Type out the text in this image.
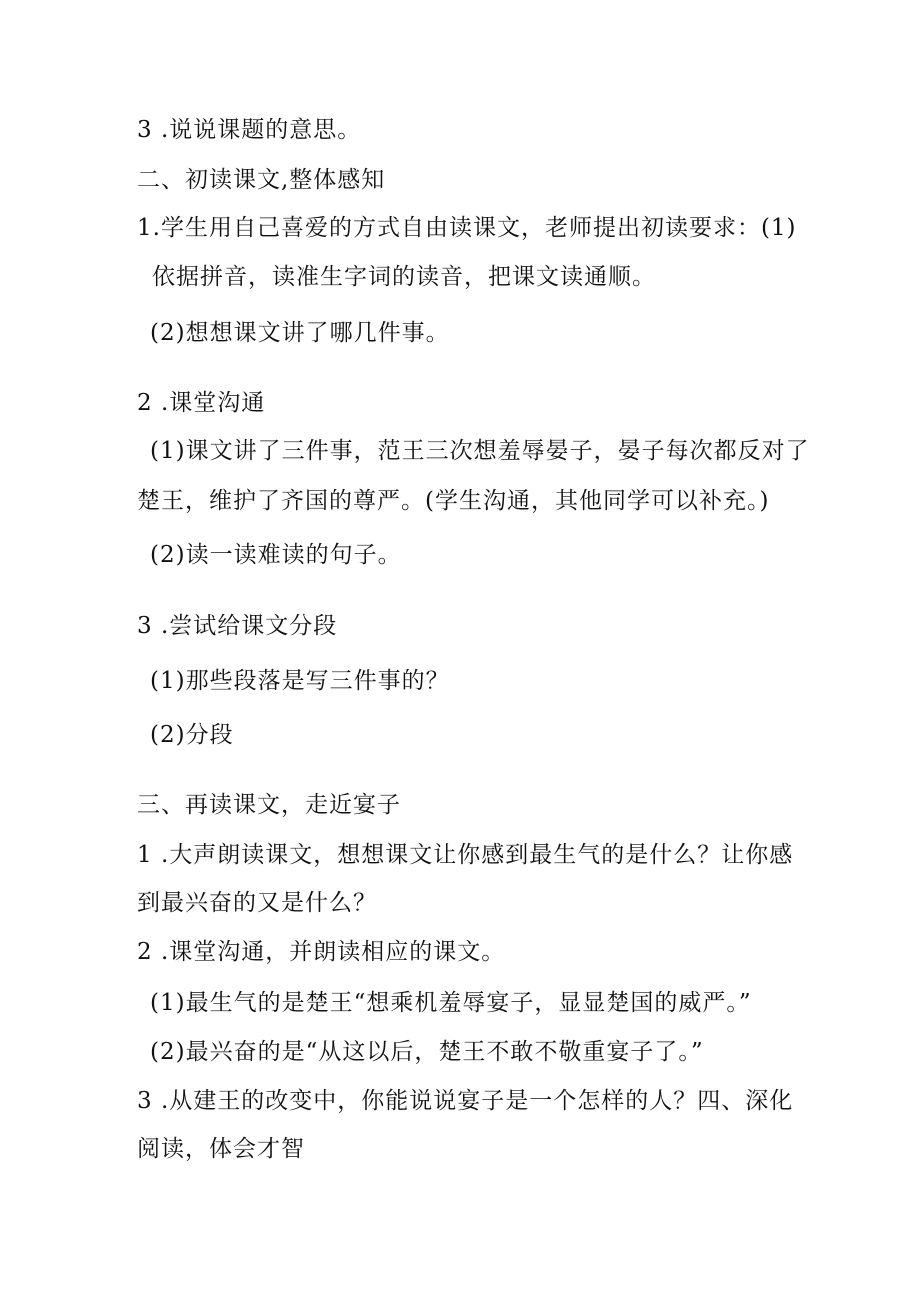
3 .说说课题的意思。
二、初读课文,整体感知
1.学生用自己喜爱的方式自由读课文，老师提出初读要求：(1)
依据拼音，读准生字词的读音，把课文读通顺。
(2)想想课文讲了哪几件事。
2 .课堂沟通
(1)课文讲了三件事，范王三次想羞辱晏子，晏子每次都反对了
楚王，维护了齐国的尊严。(学生沟通，其他同学可以补充。)
(2)读一读难读的句子。
3 .尝试给课文分段
(1)那些段落是写三件事的？
(2)分段
三、再读课文，走近宴子
1 .大声朗读课文，想想课文让你感到最生气的是什么？让你感
到最兴奋的又是什么？
2 .课堂沟通，并朗读相应的课文。
(1)最生气的是楚王“想乘机羞辱宴子，显显楚国的威严。”
(2)最兴奋的是“从这以后，楚王不敢不敬重宴子了。”
3 .从建王的改变中，你能说说宴子是一个怎样的人？四、深化
阅读，体会才智
